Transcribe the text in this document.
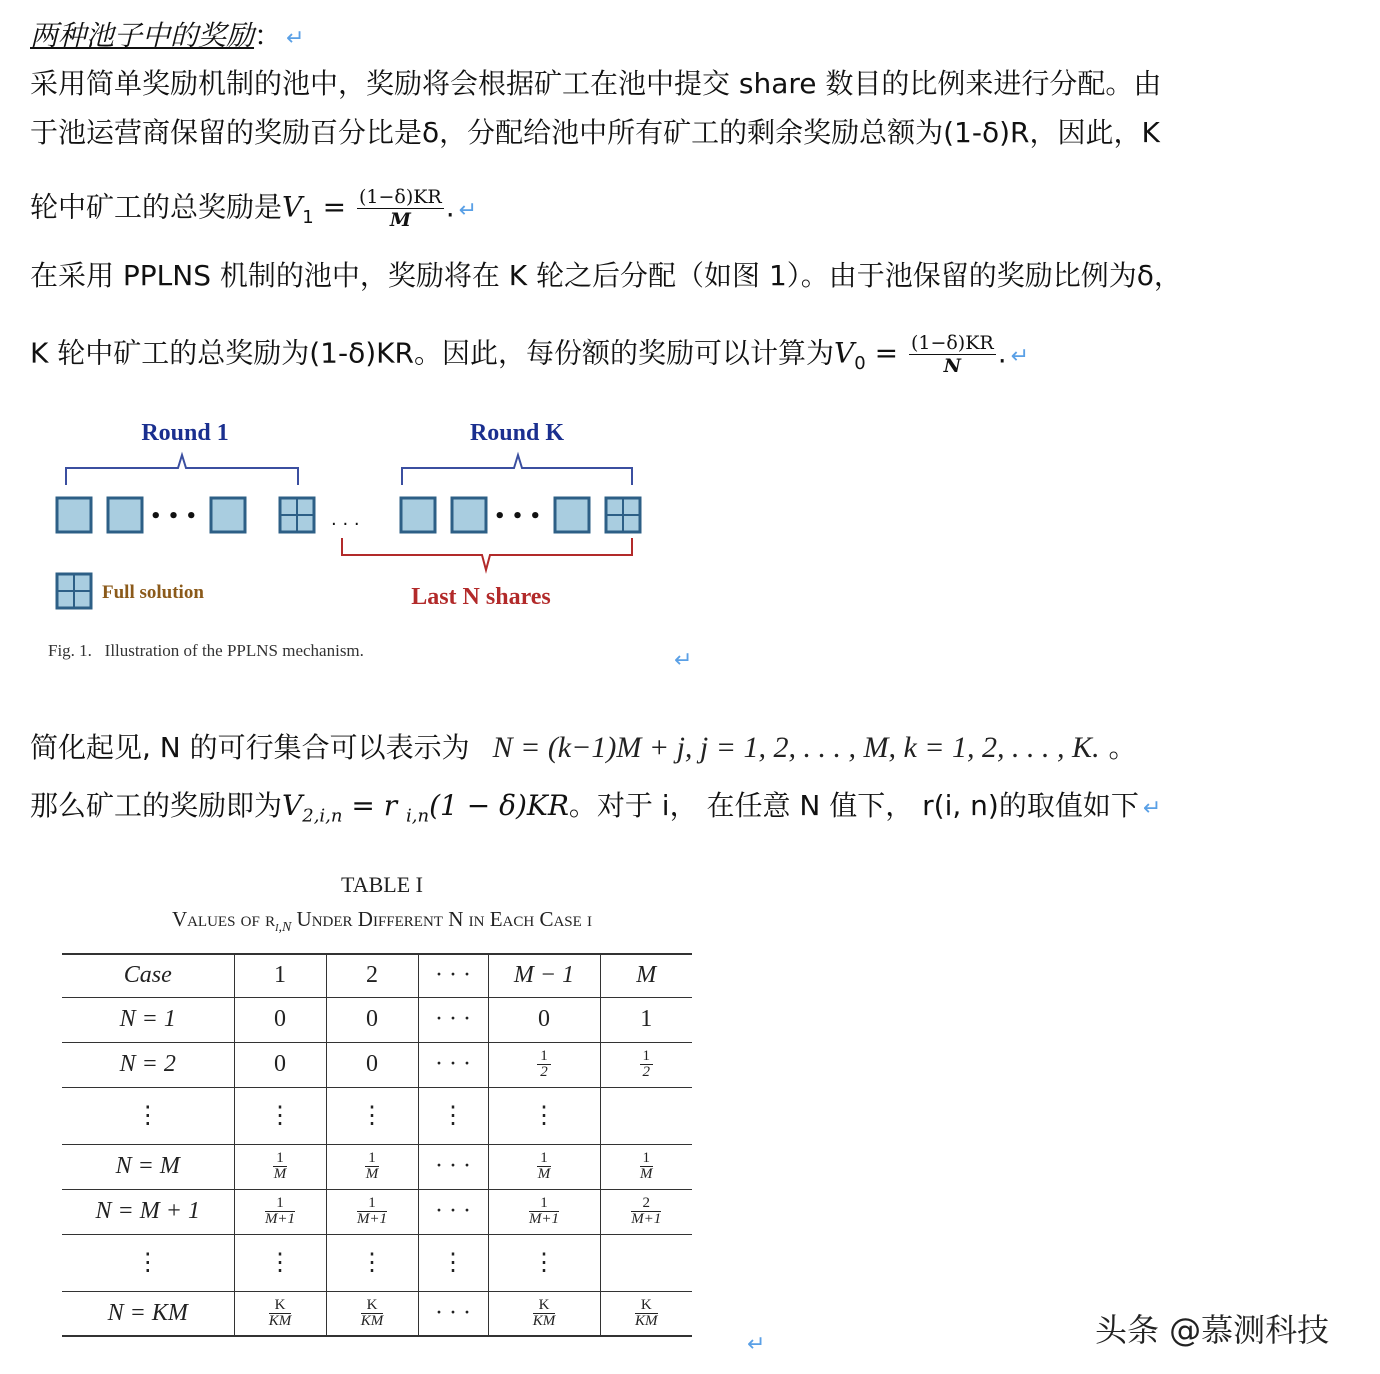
两种池子中的奖励： ↵
采用简单奖励机制的池中，奖励将会根据矿工在池中提交 share 数目的比例来进行分配。由
于池运营商保留的奖励百分比是δ，分配给池中所有矿工的剩余奖励总额为(1-δ)R，因此，K
轮中矿工的总奖励是$V_1 = \frac{(1-\delta)KR}{M}$ . ↵
在采用 PPLNS 机制的池中，奖励将在 K 轮之后分配（如图 1）。由于池保留的奖励比例为δ，
K 轮中矿工的总奖励为(1-δ)KR。因此，每份额的奖励可以计算为$V_0 = \frac{(1-\delta)KR}{N}$ . ↵
Round 1	Round K
• • •	· · ·	• • •
Last N shares
Full solution
Fig. 1.   Illustration of the PPLNS mechanism.	↵
简化起见, N 的可行集合可以表示为 N = (k−1)M + j, j = 1, 2, . . . , M, k = 1, 2, . . . , K. 。
那么矿工的奖励即为$V_{2,i,n} = r$ $_{i,n}$(1 − δ)KR。对于 i， 在任意 N 值下， r(i, n)的取值如下 ↵
TABLE I
Values of $r_{i,N}$ Under Different N in Each Case i
Case	1	2	· · ·	M − 1	M
N = 1	0	0	· · ·	0	1
N = 2	0	0	· · ·	$\frac{1}{2}$	$\frac{1}{2}$

⋮	⋮	⋮	⋮	⋮	
N = M	$\frac{1}{M}$	$\frac{1}{M}$	· · ·	$\frac{1}{M}$	$\frac{1}{M}$

N = M + 1	$\frac{1}{M+1}$	$\frac{1}{M+1}$	· · ·	$\frac{1}{M+1}$	$\frac{2}{M+1}$

⋮	⋮	⋮	⋮	⋮	
N = KM	$\frac{K}{KM}$	$\frac{K}{KM}$	· · ·	$\frac{K}{KM}$	$\frac{K}{KM}$
↵	头条 @慕测科技
